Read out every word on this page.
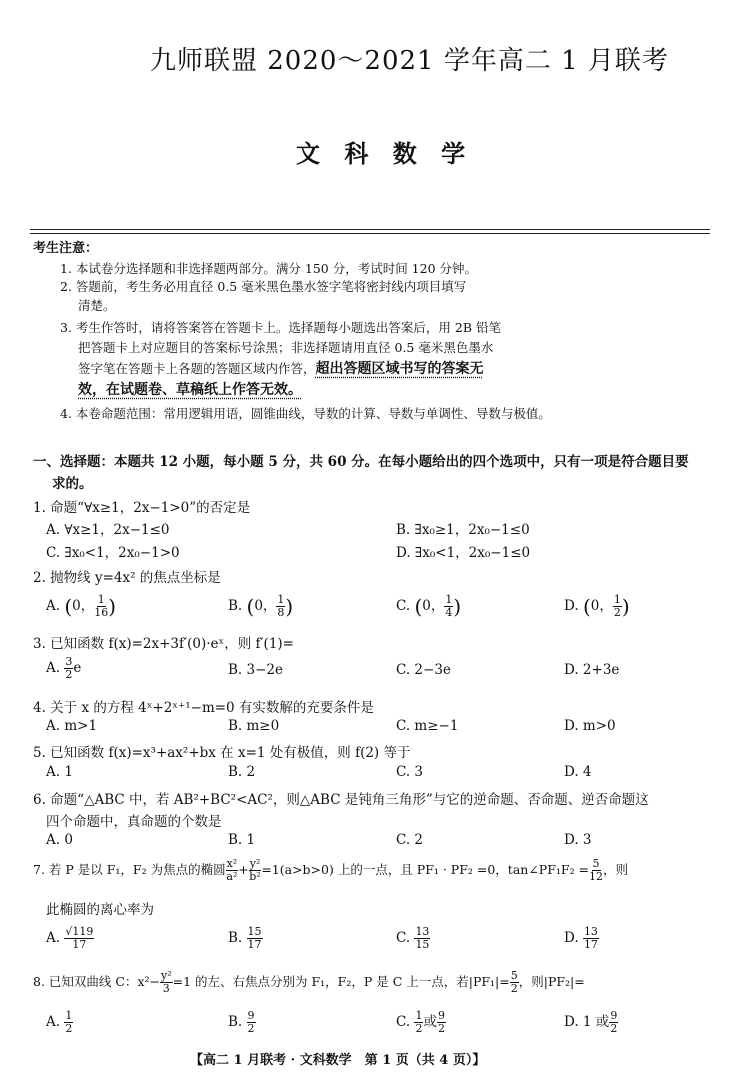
九师联盟 2020～2021 学年高二 1 月联考
文 科 数 学
考生注意：
1. 本试卷分选择题和非选择题两部分。满分 150 分，考试时间 120 分钟。
2. 答题前，考生务必用直径 0.5 毫米黑色墨水签字笔将密封线内项目填写
清楚。
3. 考生作答时，请将答案答在答题卡上。选择题每小题选出答案后，用 2B 铅笔
把答题卡上对应题目的答案标号涂黑；非选择题请用直径 0.5 毫米黑色墨水
签字笔在答题卡上各题的答题区域内作答，超出答题区域书写的答案无
效，在试题卷、草稿纸上作答无效。
4. 本卷命题范围：常用逻辑用语，圆锥曲线，导数的计算、导数与单调性、导数与极值。
一、选择题：本题共 12 小题，每小题 5 分，共 60 分。在每小题给出的四个选项中，只有一项是符合题目要
求的。
1. 命题“∀x≥1，2x−1>0”的否定是
A. ∀x≥1，2x−1≤0	B. ∃x₀≥1，2x₀−1≤0
C. ∃x₀<1，2x₀−1>0	D. ∃x₀<1，2x₀−1≤0
2. 抛物线 y=4x² 的焦点坐标是
A. (0， $\frac{1}{16}$ )	B. (0， $\frac{1}{8}$ )	C. (0， $\frac{1}{4}$ )	D. (0， $\frac{1}{2}$ )
3. 已知函数 f(x)=2x+3f′(0)·eˣ，则 f′(1)=
A. $\frac{3}{2}$ e	B. 3−2e	C. 2−3e	D. 2+3e
4. 关于 x 的方程 4ˣ+2ˣ⁺¹−m=0 有实数解的充要条件是
A. m>1	B. m≥0	C. m≥−1	D. m>0
5. 已知函数 f(x)=x³+ax²+bx 在 x=1 处有极值，则 f(2) 等于
A. 1	B. 2	C. 3	D. 4
6. 命题“△ABC 中，若 AB²+BC²<AC²，则△ABC 是钝角三角形”与它的逆命题、否命题、逆否命题这
四个命题中，真命题的个数是
A. 0	B. 1	C. 2	D. 3
7. 若 P 是以 F₁，F₂ 为焦点的椭圆 $\frac{\text{x²}}{\text{a²}} + \frac{\text{y²}}{\text{b²}} =1(a>b>0)$ 上的一点，且 PF₁ · PF₂ =0，tan∠PF₁F₂ = $\frac{5}{12}$ ，则
此椭圆的离心率为
A. $\frac{√119}{17}$	B. $\frac{15}{17}$	C. $\frac{13}{15}$	D. $\frac{13}{17}$
8. 已知双曲线 C：$x^2- \frac{\text{y²}}{3} =1$ 的左、右焦点分别为 F₁，F₂，P 是 C 上一点，若$|PF_1|= \frac{5}{2}$ ，则|PF₂|=
A. $\frac{1}{2}$	B. $\frac{9}{2}$	C. $\frac{1}{2}$ 或 $\frac{9}{2}$	D. 1 或 $\frac{9}{2}$
【高二 1 月联考 · 文科数学　第 1 页（共 4 页）】
